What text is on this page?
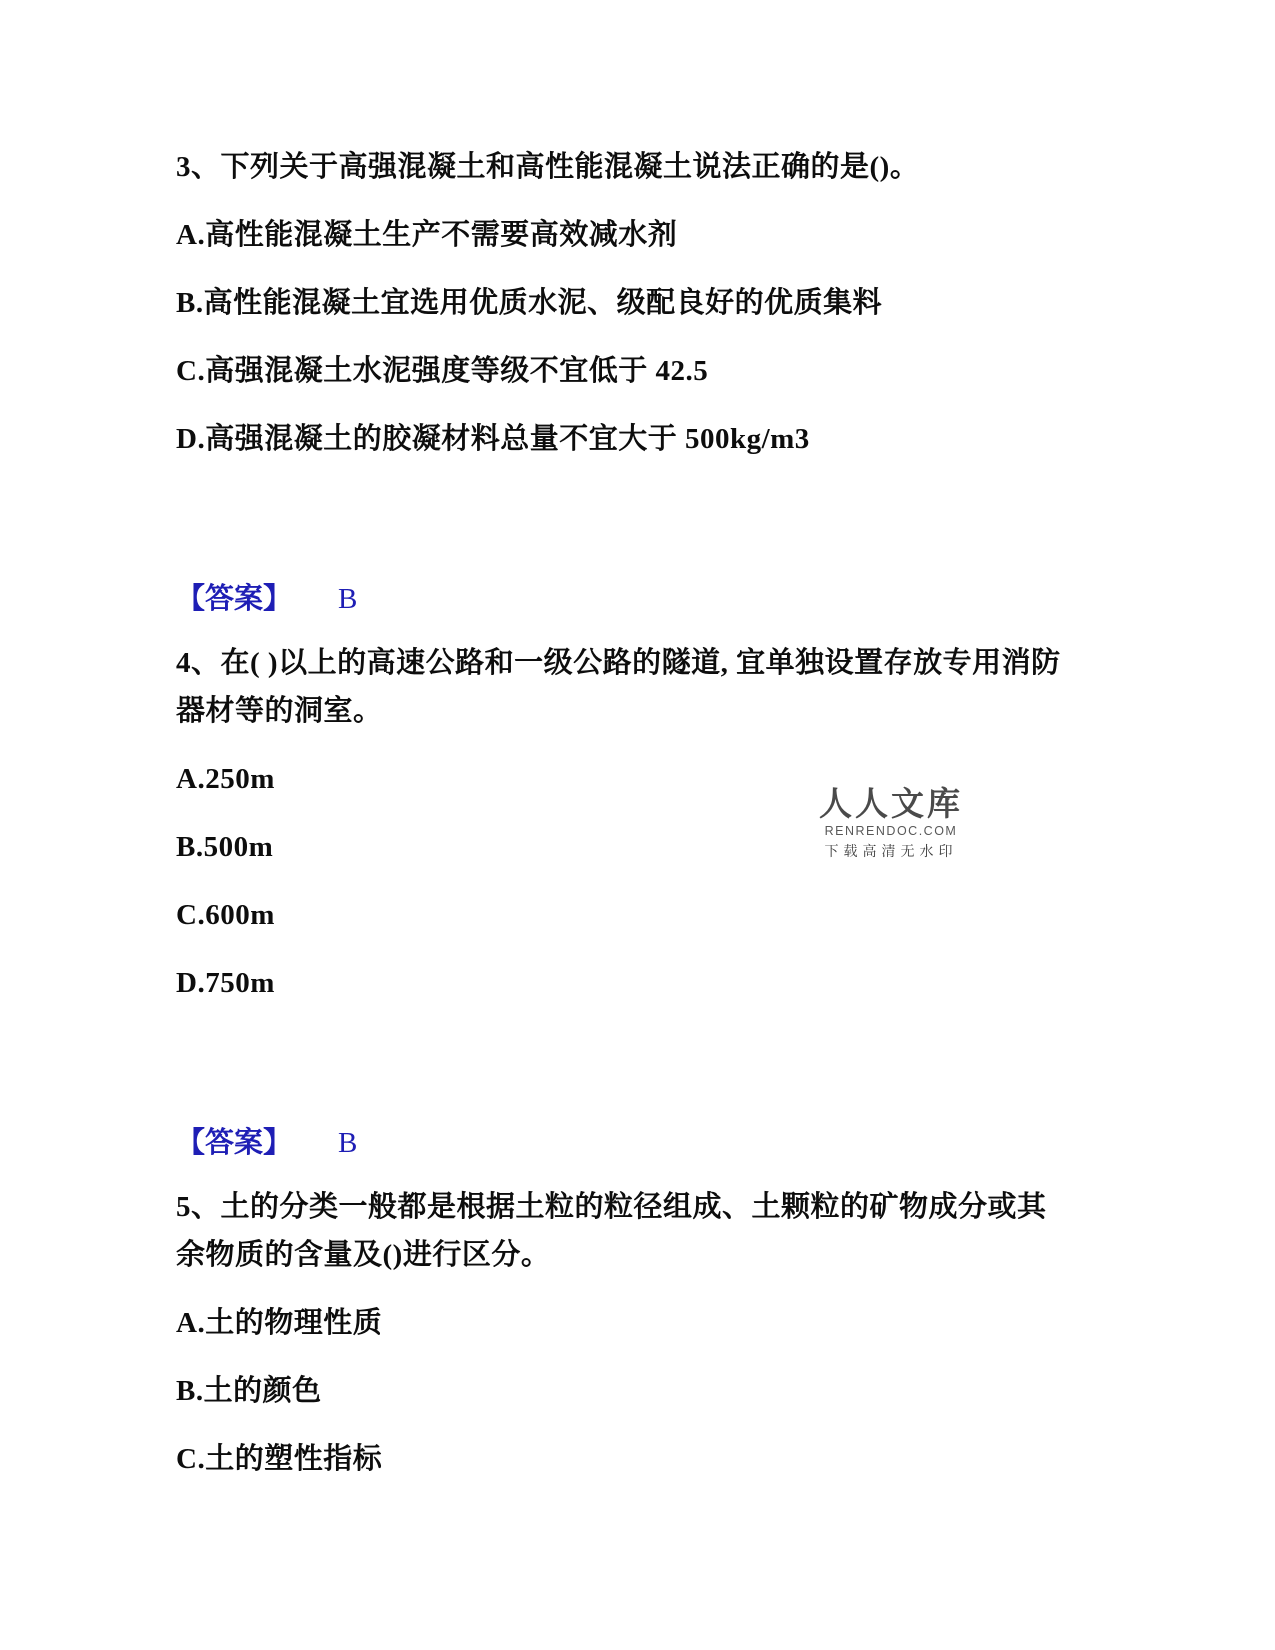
3、下列关于高强混凝土和高性能混凝土说法正确的是()。
A.高性能混凝土生产不需要高效减水剂
B.高性能混凝土宜选用优质水泥、级配良好的优质集料
C.高强混凝土水泥强度等级不宜低于 42.5
D.高强混凝土的胶凝材料总量不宜大于 500kg/m3
【答案】 B
4、在( )以上的高速公路和一级公路的隧道, 宜单独设置存放专用消防器材等的洞室。
A.250m
B.500m
C.600m
D.750m
【答案】 B
5、土的分类一般都是根据土粒的粒径组成、土颗粒的矿物成分或其余物质的含量及()进行区分。
A.土的物理性质
B.土的颜色
C.土的塑性指标
人人文库
RENRENDOC.COM
下载高清无水印
